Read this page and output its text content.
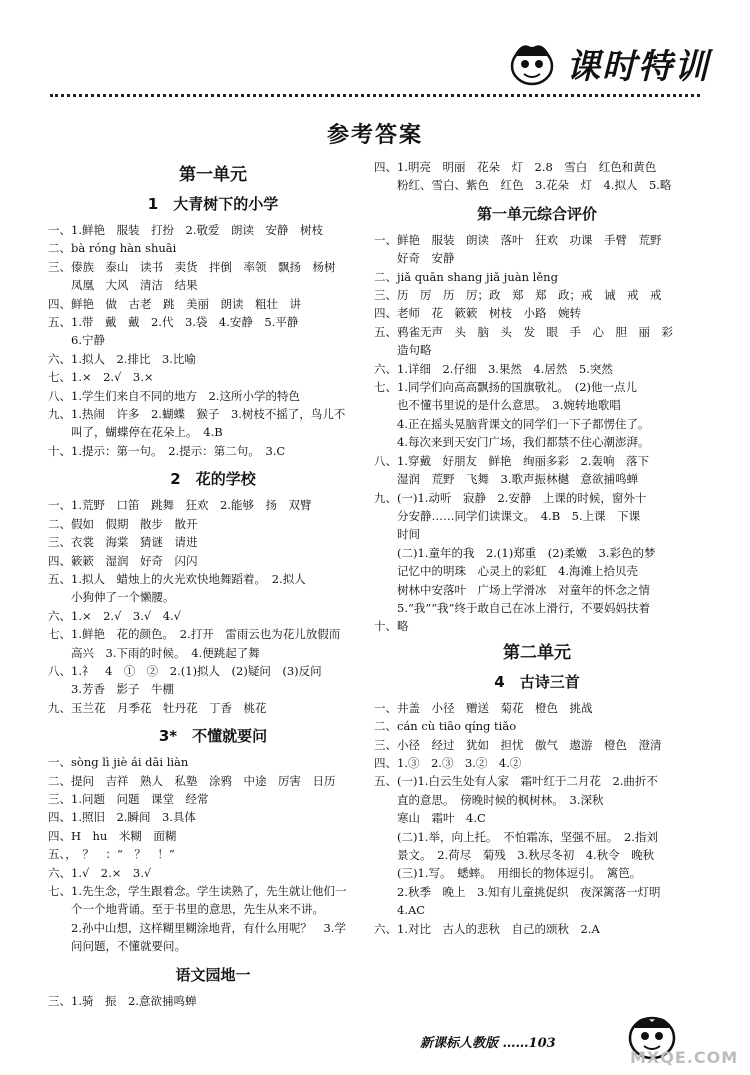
课时特训
参考答案
第一单元
1　大青树下的小学
一、1.鲜艳　服装　打扮　2.敬爱　朗读　安静　树枝
二、bà róng hàn shuāi
三、傣族　泰山　读书　卖货　拌倒　率领　飘扬　杨树
　　凤凰　大风　清洁　结果
四、鲜艳　做　古老　跳　美丽　朗读　粗壮　讲
五、1.带　戴　戴　2.代　3.袋　4.安静　5.平静
　　6.宁静
六、1.拟人　2.排比　3.比喻
七、1.×　2.√　3.×
八、1.学生们来自不同的地方　2.这所小学的特色
九、1.热闹　许多　2.蝴蝶　猴子　3.树枝不摇了，鸟儿不
　　叫了，蝴蝶停在花朵上。　4.B
十、1.提示：第一句。　2.提示：第二句。　3.C
2　花的学校
一、1.荒野　口笛　跳舞　狂欢　2.能够　扬　双臂
二、假如　假期　散步　散开
三、衣裳　海棠　猜谜　请进
四、簌簌　湿润　好奇　闪闪
五、1.拟人　蜡烛上的火光欢快地舞蹈着。　2.拟人
　　小狗伸了一个懒腰。
六、1.×　2.√　3.√　4.√
七、1.鲜艳　花的颜色。　2.打开　雷雨云也为花儿放假而
　　高兴　3.下雨的时候。　4.便跳起了舞
八、1.礻　4　①　②　2.(1)拟人　(2)疑问　(3)反问
　　3.芳香　影子　牛棚
九、玉兰花　月季花　牡丹花　丁香　桃花
3*　不懂就要问
一、sòng lì jiè ái dāi liàn
二、提问　吉祥　熟人　私塾　涂鸦　中途　厉害　日历
三、1.问题　问题　课堂　经常
四、1.照旧　2.瞬间　3.具体
四、H　hu　米糊　面糊
五、，　？　：“　？　！”
六、1.√　2.×　3.√
七、1.先生念，学生跟着念。学生读熟了，先生就让他们一
　　个一个地背诵。至于书里的意思，先生从来不讲。
　　2.孙中山想，这样糊里糊涂地背，有什么用呢？　3.学
　　问问题，不懂就要问。
语文园地一
三、1.骑　振　2.意欲捕鸣蝉
四、1.明亮　明丽　花朵　灯　2.8　雪白　红色和黄色
　　粉红、雪白、紫色　红色　3.花朵　灯　4.拟人　5.略
第一单元综合评价
一、鲜艳　服装　朗读　落叶　狂欢　功课　手臂　荒野
　　好奇　安静
二、jiǎ quān shang jiǎ juàn lěng
三、历　厉　历　厉；政　郑　郑　政；戒　诫　戒　戒
四、老师　花　簌簌　树枝　小路　婉转
五、鸦雀无声　头　脑　头　发　眼　手　心　胆　丽　彩
　　造句略
六、1.详细　2.仔细　3.果然　4.居然　5.突然
七、1.同学们向高高飘扬的国旗敬礼。　(2)他一点儿
　　也不懂书里说的是什么意思。　3.婉转地歌唱
　　4.正在摇头晃脑背课文的同学们一下子都愣住了。
　　4.每次来到天安门广场，我们都禁不住心潮澎湃。
八、1.穿戴　好朋友　鲜艳　绚丽多彩　2.轰响　落下
　　湿润　荒野　飞舞　3.歌声振林樾　意欲捕鸣蝉
九、(一)1.动听　寂静　2.安静　上课的时候，窗外十
　　分安静……同学们读课文。　4.B　5.上课　下课
　　时间
　　(二)1.童年的我　2.(1)郑重　(2)柔嫩　3.彩色的梦
　　记忆中的明珠　心灵上的彩虹　4.海滩上拾贝壳
　　树林中安落叶　广场上学滑冰　对童年的怀念之情
　　5.“我”“我”终于敢自己在冰上滑行，不要妈妈扶着
十、略
第二单元
4　古诗三首
一、井盖　小径　赠送　菊花　橙色　挑战
二、cán cù tiāo qíng tiǎo
三、小径　经过　犹如　担忧　傲气　遨游　橙色　澄清
四、1.③　2.③　3.②　4.②
五、(一)1.白云生处有人家　霜叶红于二月花　2.曲折不
　　直的意思。　傍晚时候的枫树林。　3.深秋
　　寒山　霜叶　4.C
　　(二)1.举，向上托。　不怕霜冻，坚强不屈。　2.指刘
　　景文。　2.荷尽　菊残　3.秋尽冬初　4.秋令　晚秋
　　(三)1.写。　蟋蟀。　用细长的物体逗引。　篱笆。
　　2.秋季　晚上　3.知有儿童挑促织　夜深篱落一灯明
　　4.AC
六、1.对比　古人的悲秋　自己的颂秋　2.A
新课标人教版 ……103
MXQE.COM
